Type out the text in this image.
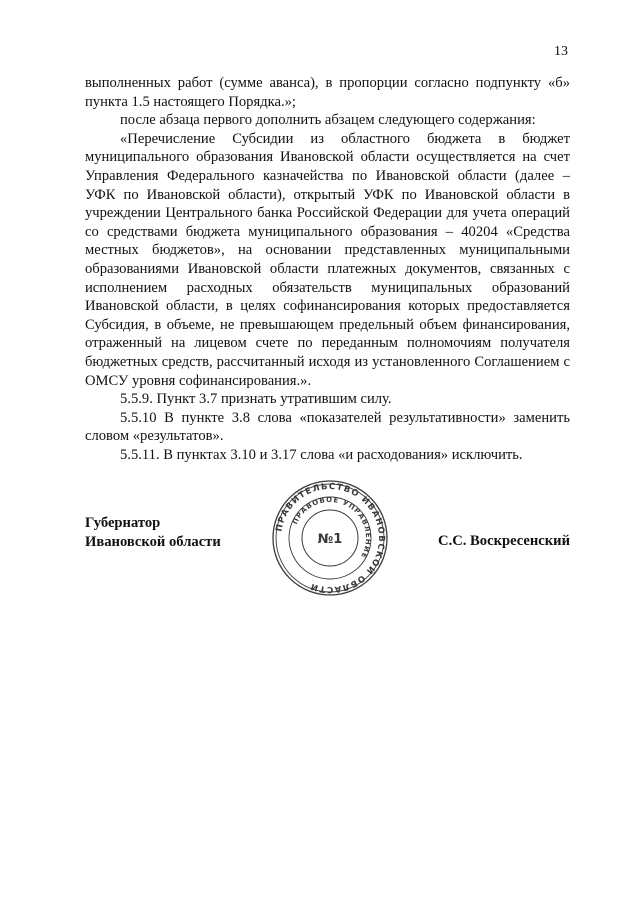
13

выполненных работ (сумме аванса), в пропорции согласно подпункту «б» пункта 1.5 настоящего Порядка.»;

после абзаца первого дополнить абзацем следующего содержания:

«Перечисление Субсидии из областного бюджета в бюджет муниципального образования Ивановской области осуществляется на счет Управления Федерального казначейства по Ивановской области (далее – УФК по Ивановской области), открытый УФК по Ивановской области в учреждении Центрального банка Российской Федерации для учета операций со средствами бюджета муниципального образования – 40204 «Средства местных бюджетов», на основании представленных муниципальными образованиями Ивановской области платежных документов, связанных с исполнением расходных обязательств муниципальных образований Ивановской области, в целях софинансирования которых предоставляется Субсидия, в объеме, не превышающем предельный объем финансирования, отраженный на лицевом счете по переданным полномочиям получателя бюджетных средств, рассчитанный исходя из установленного Соглашением с ОМСУ уровня софинансирования.».

5.5.9. Пункт 3.7 признать утратившим силу.

5.5.10 В пункте 3.8 слова «показателей результативности» заменить словом «результатов».

5.5.11. В пунктах 3.10 и 3.17 слова «и расходования» исключить.

Губернатор
Ивановской области
ПРАВИТЕЛЬСТВО ИВАНОВСКОЙ ОБЛАСТИ
ПРАВОВОЕ УПРАВЛЕНИЕ
№1	С.С. Воскресенский
